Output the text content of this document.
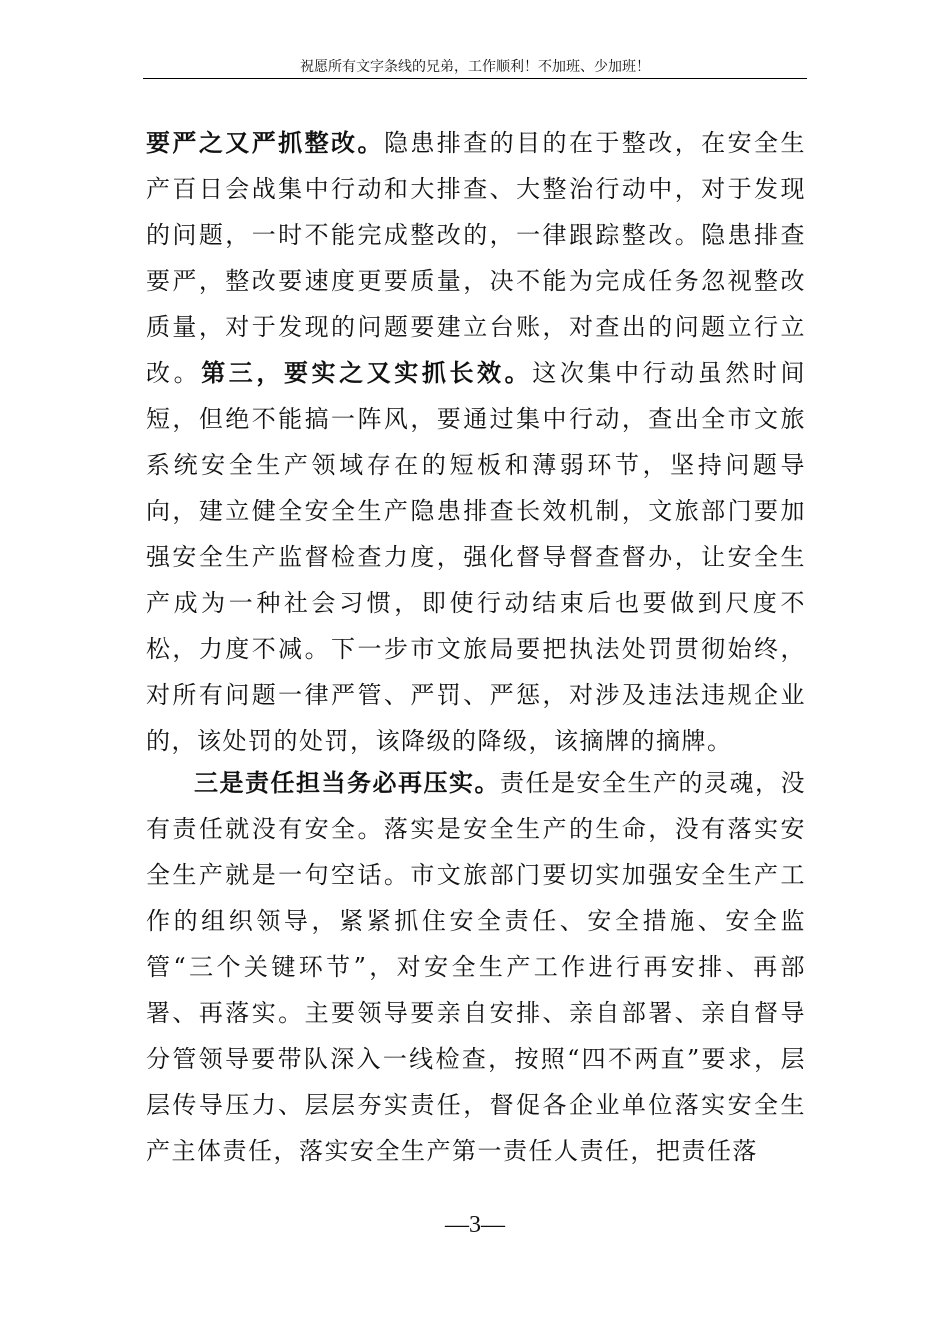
祝愿所有文字条线的兄弟，工作顺利！不加班、少加班！

要严之又严抓整改。隐患排查的目的在于整改，在安全生产百日会战集中行动和大排查、大整治行动中，对于发现的问题，一时不能完成整改的，一律跟踪整改。隐患排查要严，整改要速度更要质量，决不能为完成任务忽视整改质量，对于发现的问题要建立台账，对查出的问题立行立改。第三，要实之又实抓长效。这次集中行动虽然时间短，但绝不能搞一阵风，要通过集中行动，查出全市文旅系统安全生产领域存在的短板和薄弱环节，坚持问题导向，建立健全安全生产隐患排查长效机制，文旅部门要加强安全生产监督检查力度，强化督导督查督办，让安全生产成为一种社会习惯，即使行动结束后也要做到尺度不松，力度不减。下一步市文旅局要把执法处罚贯彻始终，对所有问题一律严管、严罚、严惩，对涉及违法违规企业的，该处罚的处罚，该降级的降级，该摘牌的摘牌。

三是责任担当务必再压实。责任是安全生产的灵魂，没有责任就没有安全。落实是安全生产的生命，没有落实安全生产就是一句空话。市文旅部门要切实加强安全生产工作的组织领导，紧紧抓住安全责任、安全措施、安全监管“三个关键环节”，对安全生产工作进行再安排、再部署、再落实。主要领导要亲自安排、亲自部署、亲自督导分管领导要带队深入一线检查，按照“四不两直”要求，层层传导压力、层层夯实责任，督促各企业单位落实安全生产主体责任，落实安全生产第一责任人责任，把责任落

—3—
